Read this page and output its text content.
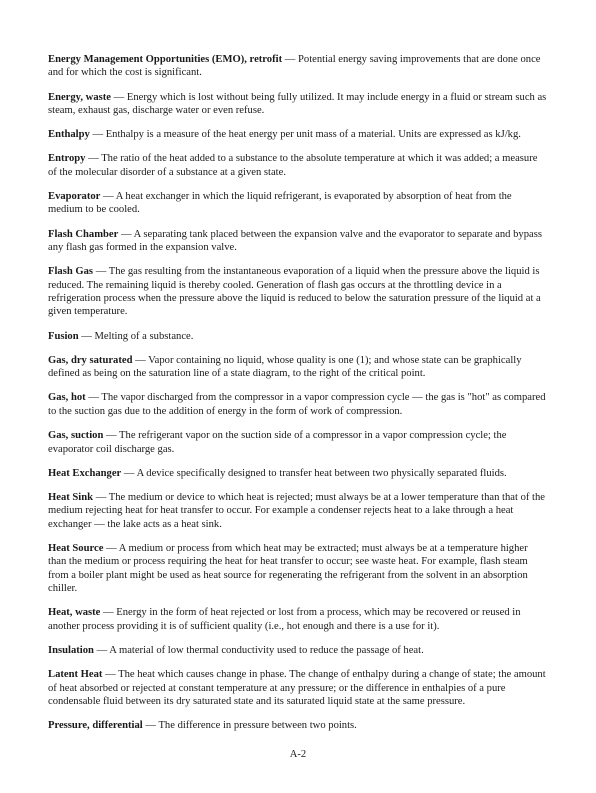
Energy Management Opportunities (EMO), retrofit — Potential energy saving improvements that are done once and for which the cost is significant.

Energy, waste — Energy which is lost without being fully utilized. It may include energy in a fluid or stream such as steam, exhaust gas, discharge water or even refuse.

Enthalpy — Enthalpy is a measure of the heat energy per unit mass of a material. Units are expressed as kJ/kg.

Entropy — The ratio of the heat added to a substance to the absolute temperature at which it was added; a measure of the molecular disorder of a substance at a given state.

Evaporator — A heat exchanger in which the liquid refrigerant, is evaporated by absorption of heat from the medium to be cooled.

Flash Chamber — A separating tank placed between the expansion valve and the evaporator to separate and bypass any flash gas formed in the expansion valve.

Flash Gas — The gas resulting from the instantaneous evaporation of a liquid when the pressure above the liquid is reduced. The remaining liquid is thereby cooled. Generation of flash gas occurs at the throttling device in a refrigeration process when the pressure above the liquid is reduced to below the saturation pressure of the liquid at a given temperature.

Fusion — Melting of a substance.

Gas, dry saturated — Vapor containing no liquid, whose quality is one (1); and whose state can be graphically defined as being on the saturation line of a state diagram, to the right of the critical point.

Gas, hot — The vapor discharged from the compressor in a vapor compression cycle — the gas is "hot" as compared to the suction gas due to the addition of energy in the form of work of compression.

Gas, suction — The refrigerant vapor on the suction side of a compressor in a vapor compression cycle; the evaporator coil discharge gas.

Heat Exchanger — A device specifically designed to transfer heat between two physically separated fluids.

Heat Sink — The medium or device to which heat is rejected; must always be at a lower temperature than that of the medium rejecting heat for heat transfer to occur. For example a condenser rejects heat to a lake through a heat exchanger — the lake acts as a heat sink.

Heat Source — A medium or process from which heat may be extracted; must always be at a temperature higher than the medium or process requiring the heat for heat transfer to occur; see waste heat. For example, flash steam from a boiler plant might be used as heat source for regenerating the refrigerant from the solvent in an absorption chiller.

Heat, waste — Energy in the form of heat rejected or lost from a process, which may be recovered or reused in another process providing it is of sufficient quality (i.e., hot enough and there is a use for it).

Insulation — A material of low thermal conductivity used to reduce the passage of heat.

Latent Heat — The heat which causes change in phase. The change of enthalpy during a change of state; the amount of heat absorbed or rejected at constant temperature at any pressure; or the difference in enthalpies of a pure condensable fluid between its dry saturated state and its saturated liquid state at the same pressure.

Pressure, differential — The difference in pressure between two points.

A-2
